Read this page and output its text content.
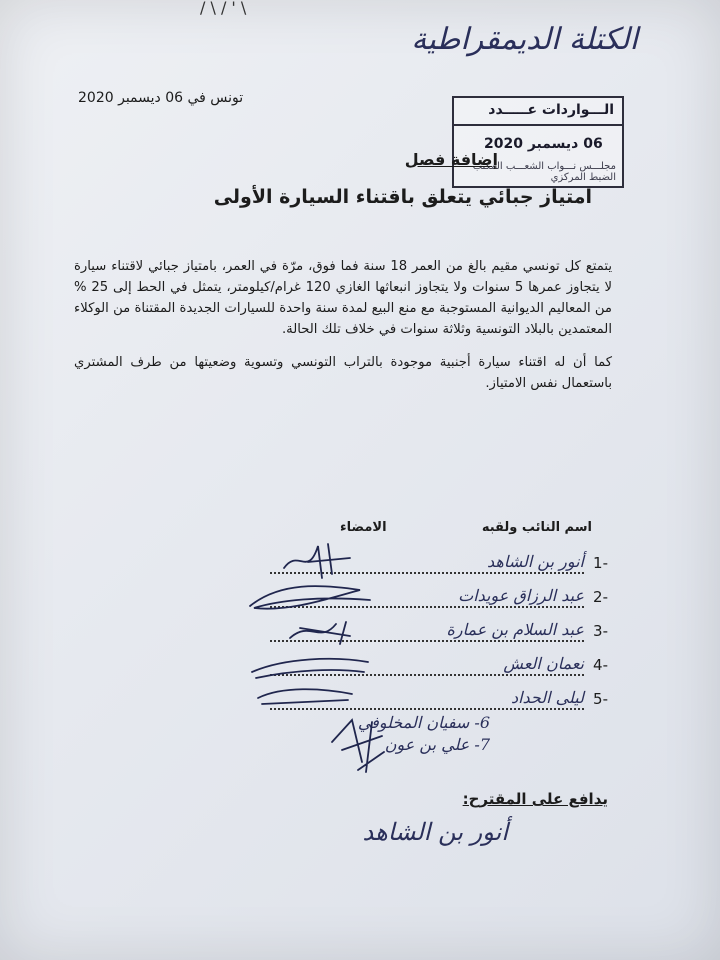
/ \ / ' \
الكتلة الديمقراطية
تونس في 06 ديسمبر 2020
الـــواردات عـــــدد
06 دیسمبر 2020
مجلـــس نـــواب الشعـــب المكتب الضبط المركزي
إضافة فصل
امتياز جبائي يتعلق باقتناء السيارة الأولى
يتمتع كل تونسي مقيم بالغ من العمر 18 سنة فما فوق، مرّة في العمر، بامتياز جبائي لاقتناء سيارة لا يتجاوز عمرها 5 سنوات ولا يتجاوز انبعاثها الغازي 120 غرام/كيلومتر، يتمثل في الحط إلى 25 % من المعاليم الديوانية المستوجبة مع منع البيع لمدة سنة واحدة للسيارات الجديدة المقتناة من الوكلاء المعتمدين بالبلاد التونسية وثلاثة سنوات في خلاف تلك الحالة.
كما أن له اقتناء سيارة أجنبية موجودة بالتراب التونسي وتسوية وضعيتها من طرف المشتري باستعمال نفس الامتياز.
اسم النائب ولقبه
الامضاء
1-
أنور بن الشاهد
2-
عبد الرزاق عويدات
3-
عبد السلام بن عمارة
4-
نعمان العش
5-
ليلى الحداد
6- سفيان المخلوفي
7- علي بن عون
يدافع على المقترح:
أنور بن الشاهد
